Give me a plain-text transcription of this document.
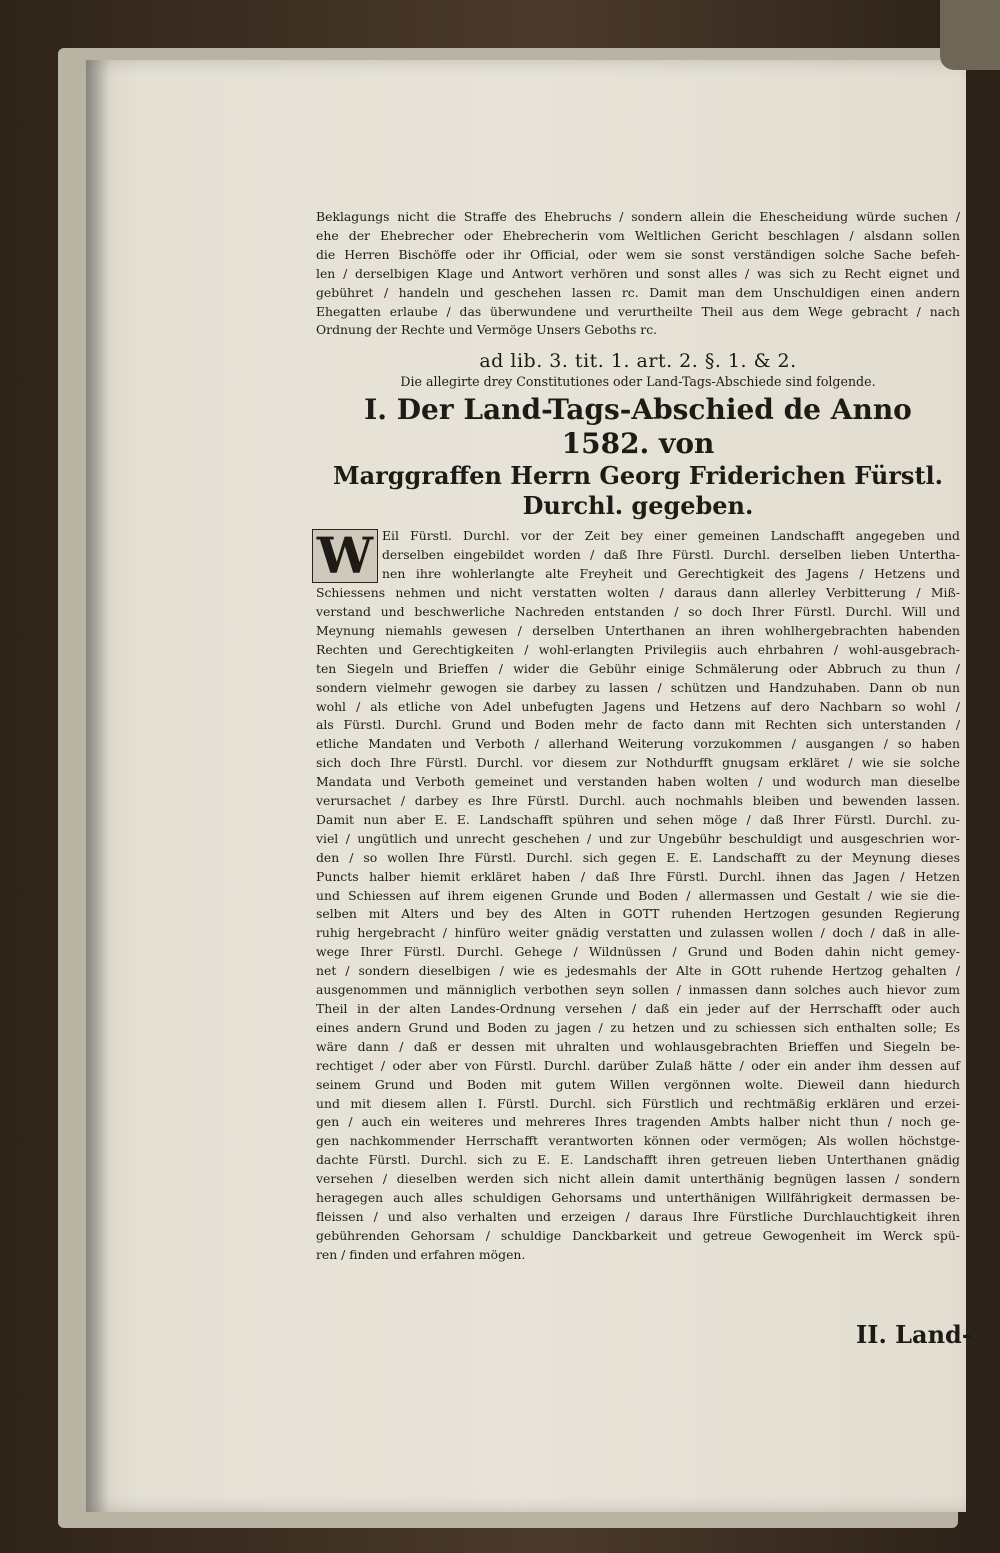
Beklagungs nicht die Straffe des Ehebruchs / sondern allein die Ehescheidung würde suchen /
ehe der Ehebrecher oder Ehebrecherin vom Weltlichen Gericht beschlagen / alsdann sollen
die Herren Bischöffe oder ihr Official, oder wem sie sonst verständigen solche Sache befeh-
len / derselbigen Klage und Antwort verhören und sonst alles / was sich zu Recht eignet und
gebühret / handeln und geschehen lassen rc. Damit man dem Unschuldigen einen andern
Ehegatten erlaube / das überwundene und verurtheilte Theil aus dem Wege gebracht / nach
Ordnung der Rechte und Vermöge Unsers Geboths rc.
ad lib. 3. tit. 1. art. 2. §. 1. & 2.
Die allegirte drey Constitutiones oder Land-Tags-Abschiede sind folgende.
I. Der Land-Tags-Abschied de Anno 1582. von
Marggraffen Herrn Georg Friderichen Fürstl.
Durchl. gegeben.
W Eil Fürstl. Durchl. vor der Zeit bey einer gemeinen Landschafft angegeben und
derselben eingebildet worden / daß Ihre Fürstl. Durchl. derselben lieben Untertha-
nen ihre wohlerlangte alte Freyheit und Gerechtigkeit des Jagens / Hetzens und
Schiessens nehmen und nicht verstatten wolten / daraus dann allerley Verbitterung / Miß-
verstand und beschwerliche Nachreden entstanden / so doch Ihrer Fürstl. Durchl. Will und
Meynung niemahls gewesen / derselben Unterthanen an ihren wohlhergebrachten habenden
Rechten und Gerechtigkeiten / wohl-erlangten Privilegiis auch ehrbahren / wohl-ausgebrach-
ten Siegeln und Brieffen / wider die Gebühr einige Schmälerung oder Abbruch zu thun /
sondern vielmehr gewogen sie darbey zu lassen / schützen und Handzuhaben. Dann ob nun
wohl / als etliche von Adel unbefugten Jagens und Hetzens auf dero Nachbarn so wohl /
als Fürstl. Durchl. Grund und Boden mehr de facto dann mit Rechten sich unterstanden /
etliche Mandaten und Verboth / allerhand Weiterung vorzukommen / ausgangen / so haben
sich doch Ihre Fürstl. Durchl. vor diesem zur Nothdurfft gnugsam erkläret / wie sie solche
Mandata und Verboth gemeinet und verstanden haben wolten / und wodurch man dieselbe
verursachet / darbey es Ihre Fürstl. Durchl. auch nochmahls bleiben und bewenden lassen.
Damit nun aber E. E. Landschafft spühren und sehen möge / daß Ihrer Fürstl. Durchl. zu-
viel / ungütlich und unrecht geschehen / und zur Ungebühr beschuldigt und ausgeschrien wor-
den / so wollen Ihre Fürstl. Durchl. sich gegen E. E. Landschafft zu der Meynung dieses
Puncts halber hiemit erkläret haben / daß Ihre Fürstl. Durchl. ihnen das Jagen / Hetzen
und Schiessen auf ihrem eigenen Grunde und Boden / allermassen und Gestalt / wie sie die-
selben mit Alters und bey des Alten in GOTT ruhenden Hertzogen gesunden Regierung
ruhig hergebracht / hinfüro weiter gnädig verstatten und zulassen wollen / doch / daß in alle-
wege Ihrer Fürstl. Durchl. Gehege / Wildnüssen / Grund und Boden dahin nicht gemey-
net / sondern dieselbigen / wie es jedesmahls der Alte in GOtt ruhende Hertzog gehalten /
ausgenommen und männiglich verbothen seyn sollen / inmassen dann solches auch hievor zum
Theil in der alten Landes-Ordnung versehen / daß ein jeder auf der Herrschafft oder auch
eines andern Grund und Boden zu jagen / zu hetzen und zu schiessen sich enthalten solle; Es
wäre dann / daß er dessen mit uhralten und wohlausgebrachten Brieffen und Siegeln be-
rechtiget / oder aber von Fürstl. Durchl. darüber Zulaß hätte / oder ein ander ihm dessen auf
seinem Grund und Boden mit gutem Willen vergönnen wolte. Dieweil dann hiedurch
und mit diesem allen I. Fürstl. Durchl. sich Fürstlich und rechtmäßig erklären und erzei-
gen / auch ein weiteres und mehreres Ihres tragenden Ambts halber nicht thun / noch ge-
gen nachkommender Herrschafft verantworten können oder vermögen; Als wollen höchstge-
dachte Fürstl. Durchl. sich zu E. E. Landschafft ihren getreuen lieben Unterthanen gnädig
versehen / dieselben werden sich nicht allein damit unterthänig begnügen lassen / sondern
heragegen auch alles schuldigen Gehorsams und unterthänigen Willfährigkeit dermassen be-
fleissen / und also verhalten und erzeigen / daraus Ihre Fürstliche Durchlauchtigkeit ihren
gebührenden Gehorsam / schuldige Danckbarkeit und getreue Gewogenheit im Werck spü-
ren / finden und erfahren mögen.
II. Land-
